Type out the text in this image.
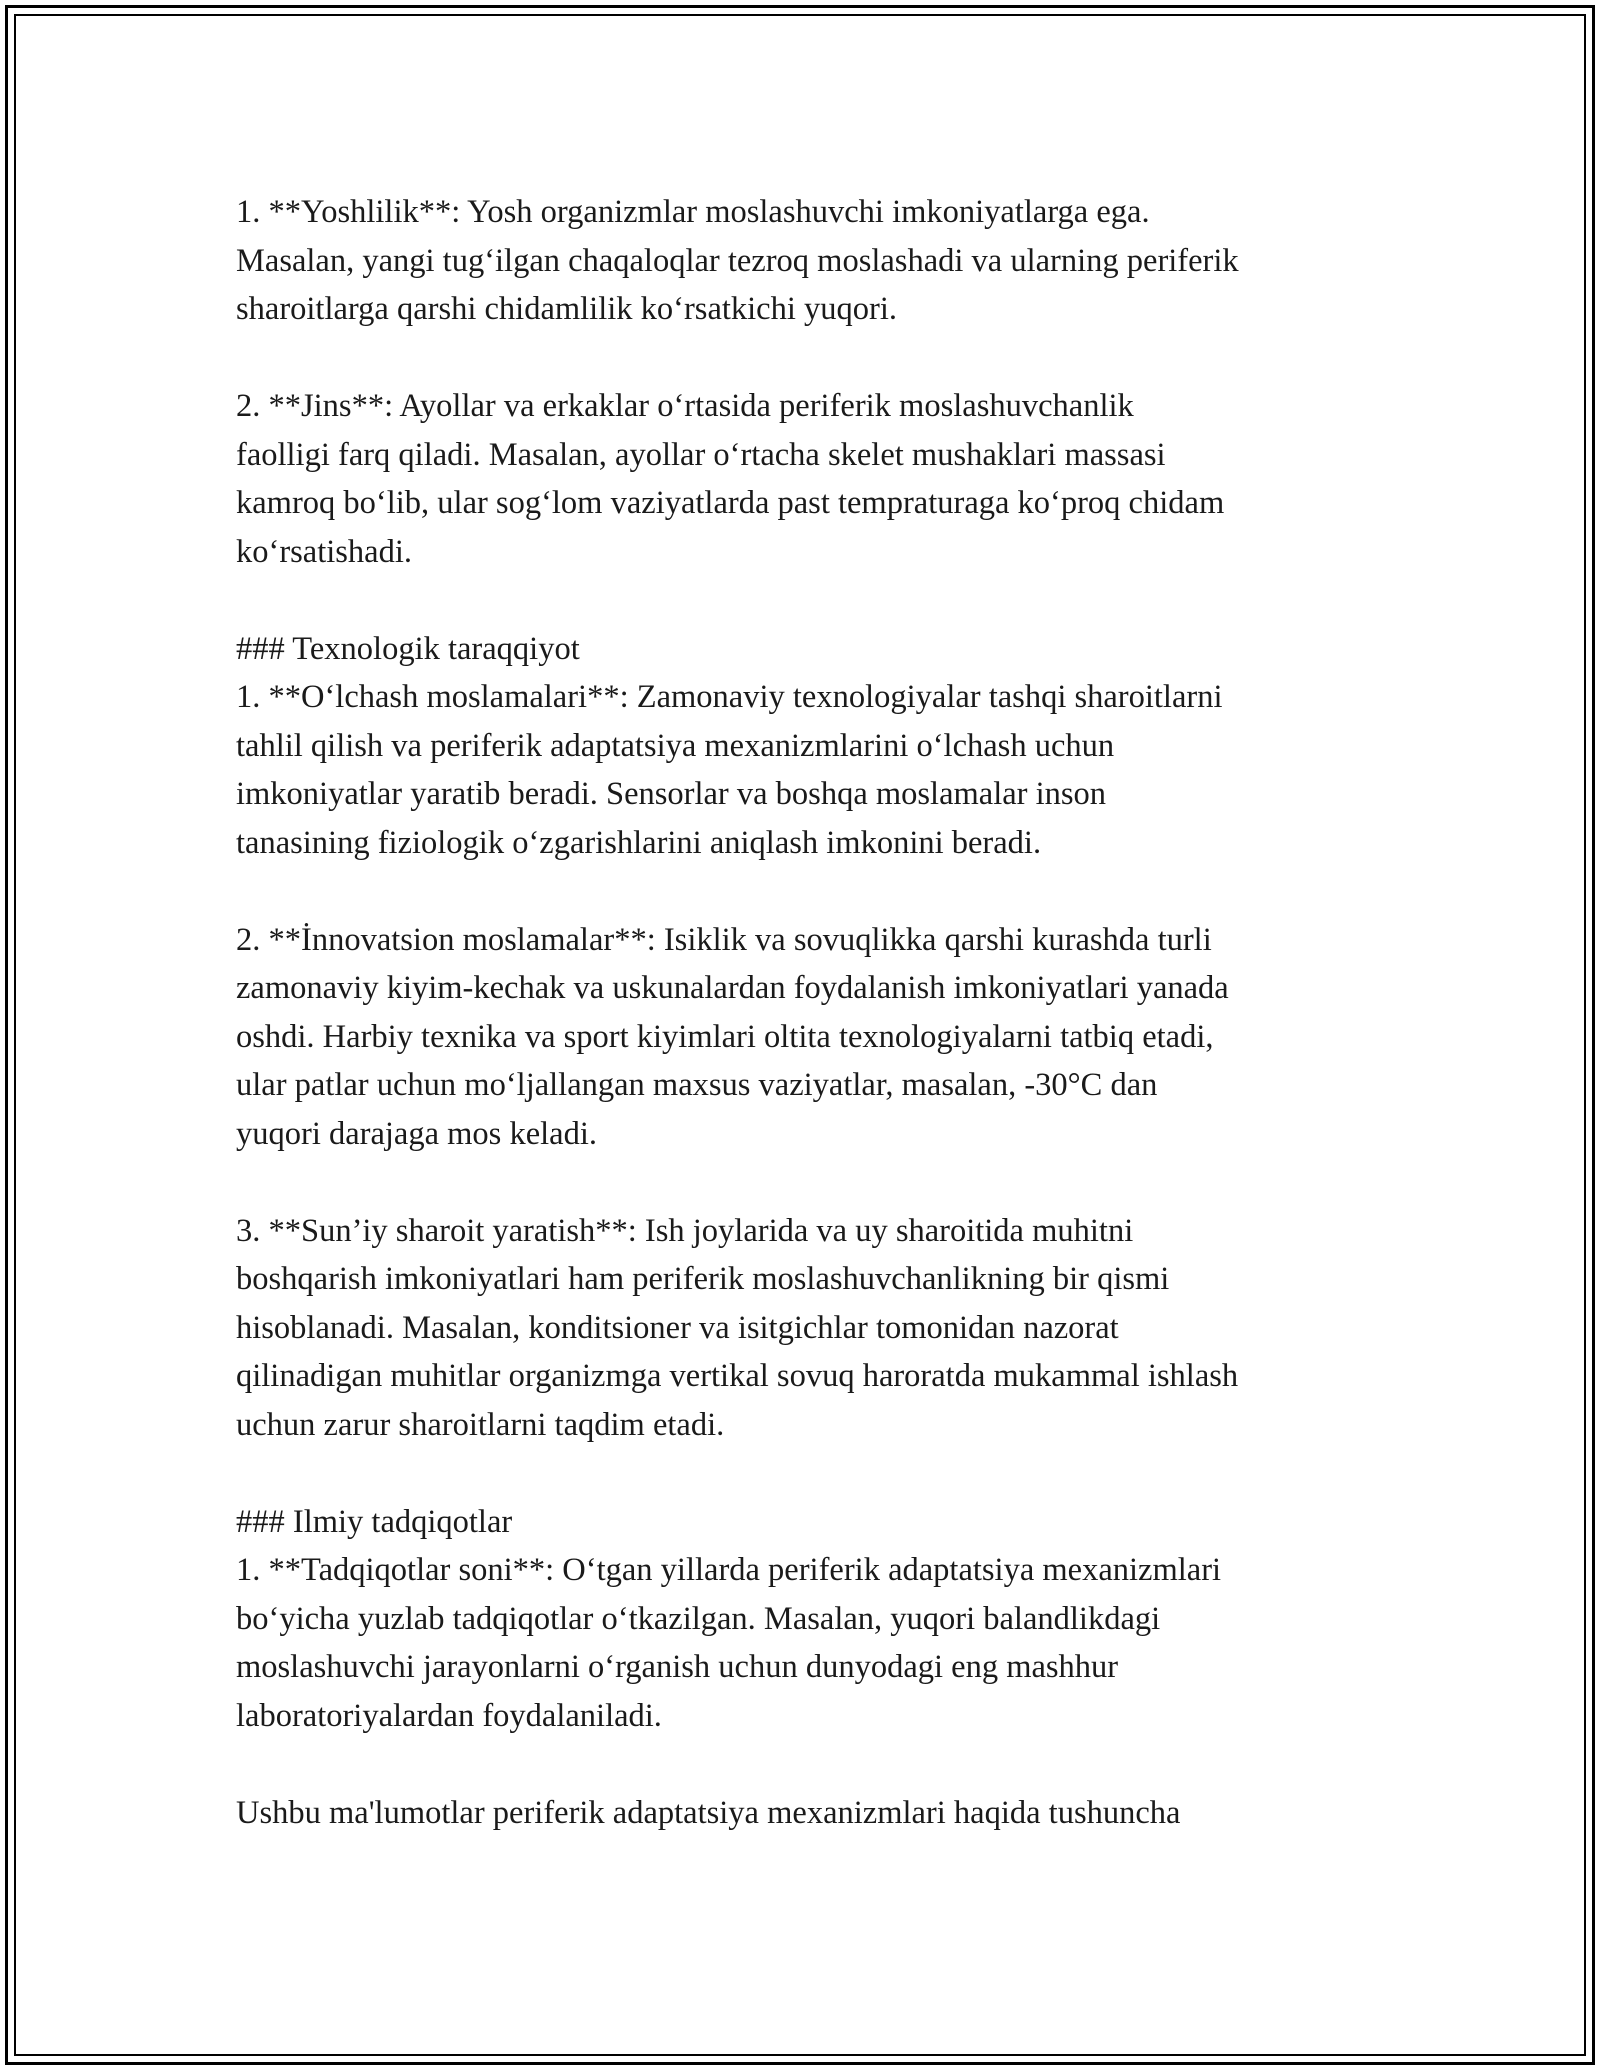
1. **Yoshlilik**: Yosh organizmlar moslashuvchi imkoniyatlarga ega.
Masalan, yangi tug‘ilgan chaqaloqlar tezroq moslashadi va ularning periferik
sharoitlarga qarshi chidamlilik ko‘rsatkichi yuqori.

2. **Jins**: Ayollar va erkaklar o‘rtasida periferik moslashuvchanlik
faolligi farq qiladi. Masalan, ayollar o‘rtacha skelet mushaklari massasi
kamroq bo‘lib, ular sog‘lom vaziyatlarda past tempraturaga ko‘proq chidam
ko‘rsatishadi.

### Texnologik taraqqiyot
1. **O‘lchash moslamalari**: Zamonaviy texnologiyalar tashqi sharoitlarni
tahlil qilish va periferik adaptatsiya mexanizmlarini o‘lchash uchun
imkoniyatlar yaratib beradi. Sensorlar va boshqa moslamalar inson
tanasining fiziologik o‘zgarishlarini aniqlash imkonini beradi.

2. **İnnovatsion moslamalar**: Isiklik va sovuqlikka qarshi kurashda turli
zamonaviy kiyim-kechak va uskunalardan foydalanish imkoniyatlari yanada
oshdi. Harbiy texnika va sport kiyimlari oltita texnologiyalarni tatbiq etadi,
ular patlar uchun mo‘ljallangan maxsus vaziyatlar, masalan, -30°C dan
yuqori darajaga mos keladi.

3. **Sun’iy sharoit yaratish**: Ish joylarida va uy sharoitida muhitni
boshqarish imkoniyatlari ham periferik moslashuvchanlikning bir qismi
hisoblanadi. Masalan, konditsioner va isitgichlar tomonidan nazorat
qilinadigan muhitlar organizmga vertikal sovuq haroratda mukammal ishlash
uchun zarur sharoitlarni taqdim etadi.

### Ilmiy tadqiqotlar
1. **Tadqiqotlar soni**: O‘tgan yillarda periferik adaptatsiya mexanizmlari
bo‘yicha yuzlab tadqiqotlar o‘tkazilgan. Masalan, yuqori balandlikdagi
moslashuvchi jarayonlarni o‘rganish uchun dunyodagi eng mashhur
laboratoriyalardan foydalaniladi.

Ushbu ma'lumotlar periferik adaptatsiya mexanizmlari haqida tushuncha
